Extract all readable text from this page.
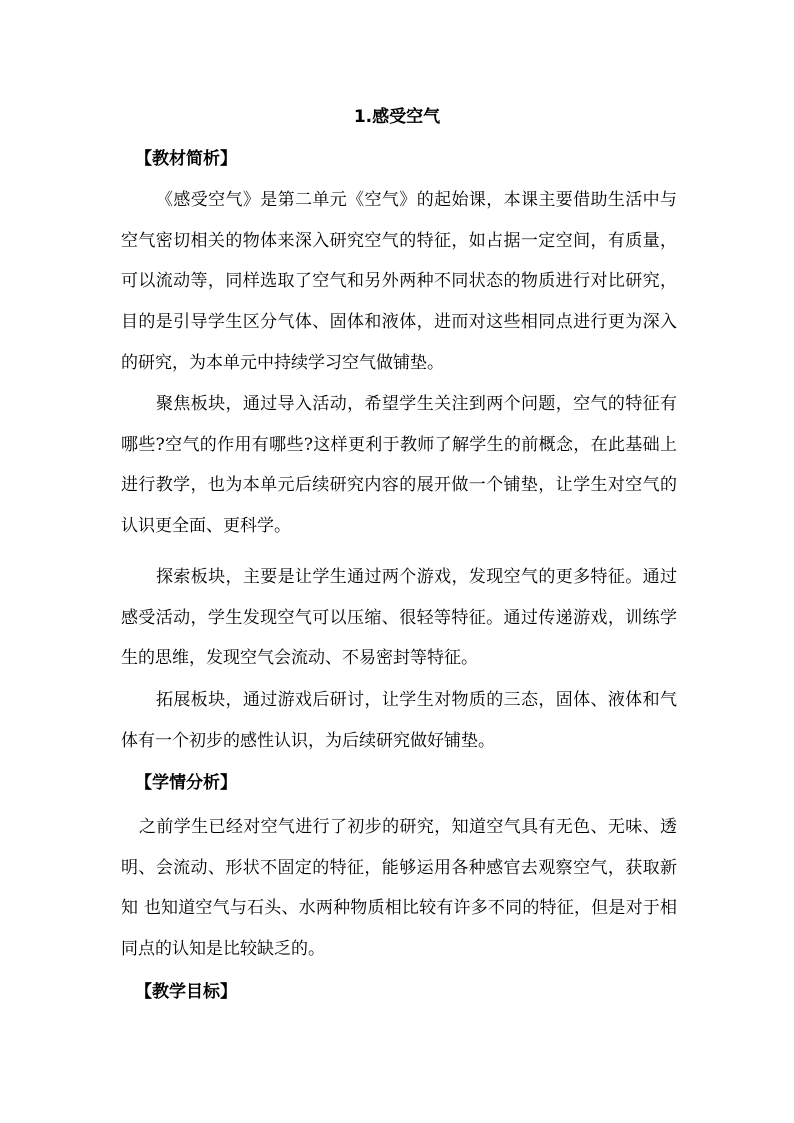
1.感受空气
【教材简析】

《感受空气》是第二单元《空气》的起始课，本课主要借助生活中与空气密切相关的物体来深入研究空气的特征，如占据一定空间，有质量，可以流动等，同样选取了空气和另外两种不同状态的物质进行对比研究，目的是引导学生区分气体、固体和液体，进而对这些相同点进行更为深入的研究，为本单元中持续学习空气做铺垫。

聚焦板块，通过导入活动，希望学生关注到两个问题，空气的特征有哪些?空气的作用有哪些?这样更利于教师了解学生的前概念，在此基础上进行教学，也为本单元后续研究内容的展开做一个铺垫，让学生对空气的认识更全面、更科学。

探索板块，主要是让学生通过两个游戏，发现空气的更多特征。通过感受活动，学生发现空气可以压缩、很轻等特征。通过传递游戏，训练学生的思维，发现空气会流动、不易密封等特征。

拓展板块，通过游戏后研讨，让学生对物质的三态，固体、液体和气体有一个初步的感性认识，为后续研究做好铺垫。

【学情分析】

之前学生已经对空气进行了初步的研究，知道空气具有无色、无味、透明、会流动、形状不固定的特征，能够运用各种感官去观察空气，获取新知 也知道空气与石头、水两种物质相比较有许多不同的特征，但是对于相同点的认知是比较缺乏的。

【教学目标】
